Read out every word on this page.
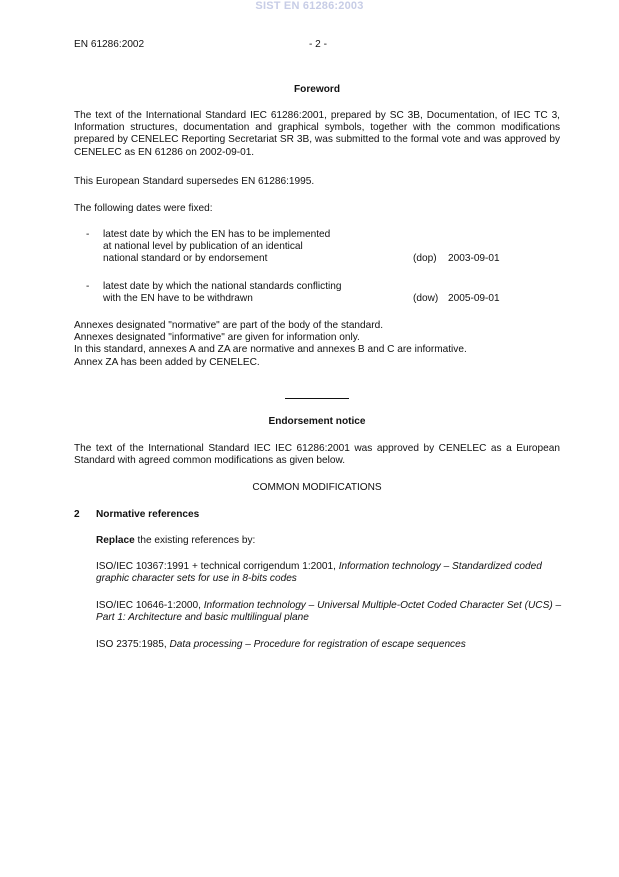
SIST EN 61286:2003
EN 61286:2002	- 2 -
Foreword
The text of the International Standard IEC 61286:2001, prepared by SC 3B, Documentation, of IEC TC 3, Information structures, documentation and graphical symbols, together with the common modifications prepared by CENELEC Reporting Secretariat SR 3B, was submitted to the formal vote and was approved by CENELEC as EN 61286 on 2002-09-01.
This European Standard supersedes EN 61286:1995.
The following dates were fixed:
- latest date by which the EN has to be implemented
at national level by publication of an identical
national standard or by endorsement	(dop) 2003-09-01
- latest date by which the national standards conflicting
with the EN have to be withdrawn	(dow) 2005-09-01
Annexes designated "normative" are part of the body of the standard.
Annexes designated "informative" are given for information only.
In this standard, annexes A and ZA are normative and annexes B and C are informative.
Annex ZA has been added by CENELEC.
Endorsement notice
The text of the International Standard IEC IEC 61286:2001 was approved by CENELEC as a European Standard with agreed common modifications as given below.
COMMON MODIFICATIONS
2 Normative references
Replace the existing references by:
ISO/IEC 10367:1991 + technical corrigendum 1:2001, Information technology – Standardized coded graphic character sets for use in 8-bits codes
ISO/IEC 10646-1:2000, Information technology – Universal Multiple-Octet Coded Character Set (UCS) – Part 1: Architecture and basic multilingual plane
ISO 2375:1985, Data processing – Procedure for registration of escape sequences
